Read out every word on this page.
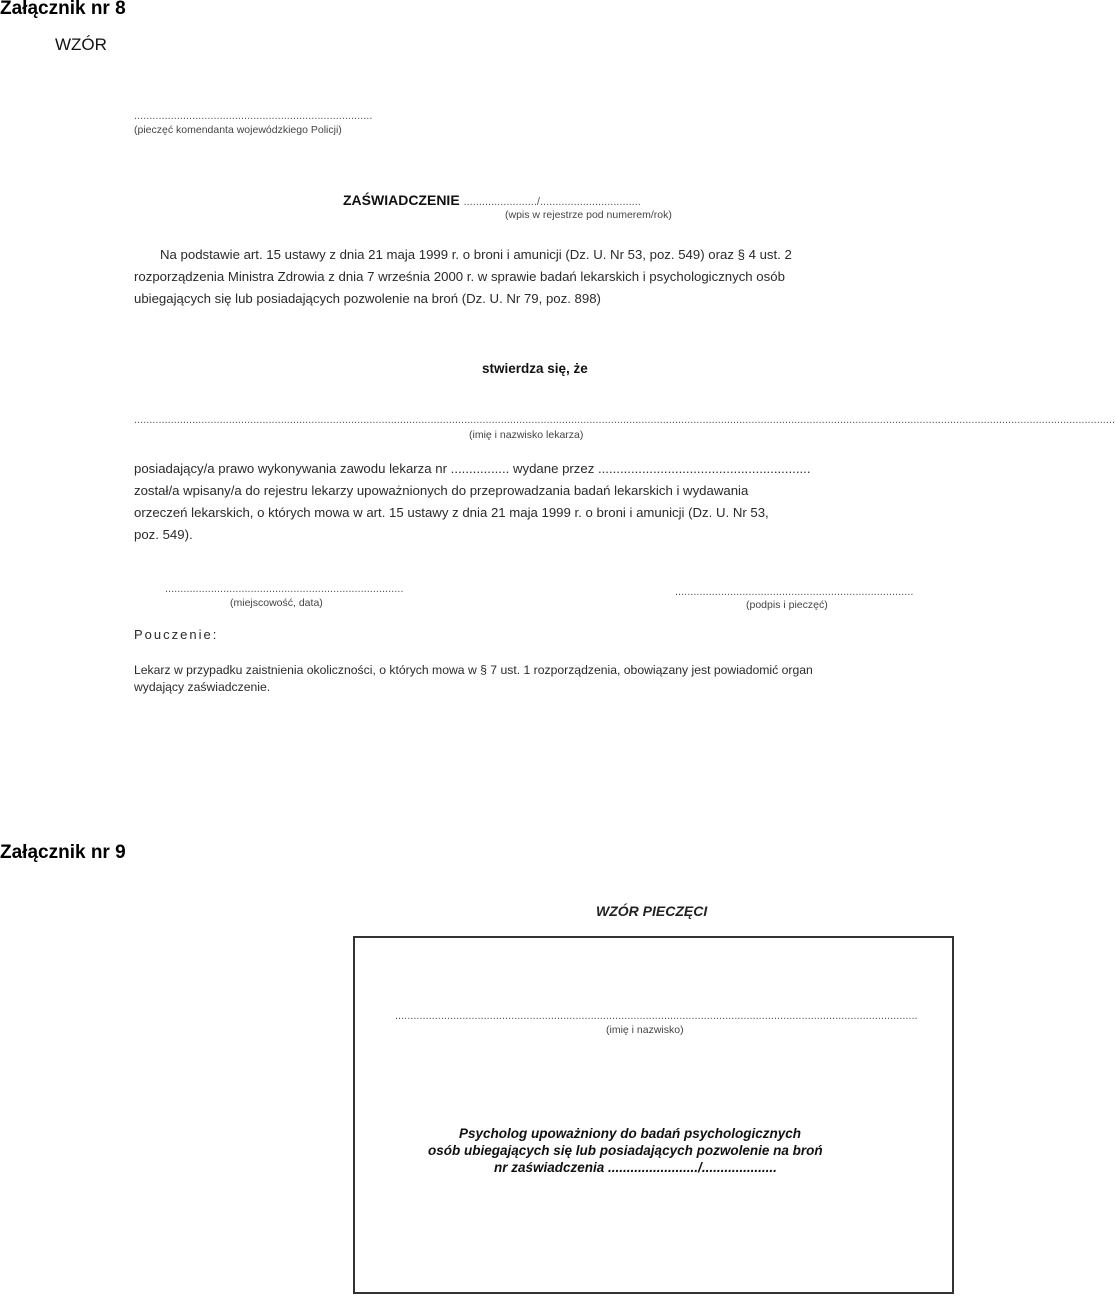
Załącznik nr 8
WZÓR
..............................................................................
(pieczęć komendanta wojewódzkiego Policji)
ZAŚWIADCZENIE ......................../.................................
(wpis w rejestrze pod numerem/rok)
Na podstawie art. 15 ustawy z dnia 21 maja 1999 r. o broni i amunicji (Dz. U. Nr 53, poz. 549) oraz § 4 ust. 2
rozporządzenia Ministra Zdrowia z dnia 7 września 2000 r. w sprawie badań lekarskich i psychologicznych osób
ubiegających się lub posiadających pozwolenie na broń (Dz. U. Nr 79, poz. 898)
stwierdza się, że
.................................................................................................................................................................................................................................................................................................................................
(imię i nazwisko lekarza)
posiadający/a prawo wykonywania zawodu lekarza nr ................ wydane przez ..........................................................
został/a wpisany/a do rejestru lekarzy upoważnionych do przeprowadzania badań lekarskich i wydawania
orzeczeń lekarskich, o których mowa w art. 15 ustawy z dnia 21 maja 1999 r. o broni i amunicji (Dz. U. Nr 53,
poz. 549).
..............................................................................
(miejscowość, data)
..............................................................................
(podpis i pieczęć)
Pouczenie:
Lekarz w przypadku zaistnienia okoliczności, o których mowa w § 7 ust. 1 rozporządzenia, obowiązany jest powiadomić organ
wydający zaświadczenie.
Załącznik nr 9
WZÓR PIECZĘCI
...........................................................................................................................................................................
(imię i nazwisko)
Psycholog upoważniony do badań psychologicznych
osób ubiegających się lub posiadających pozwolenie na broń
nr zaświadczenia ......................../....................
